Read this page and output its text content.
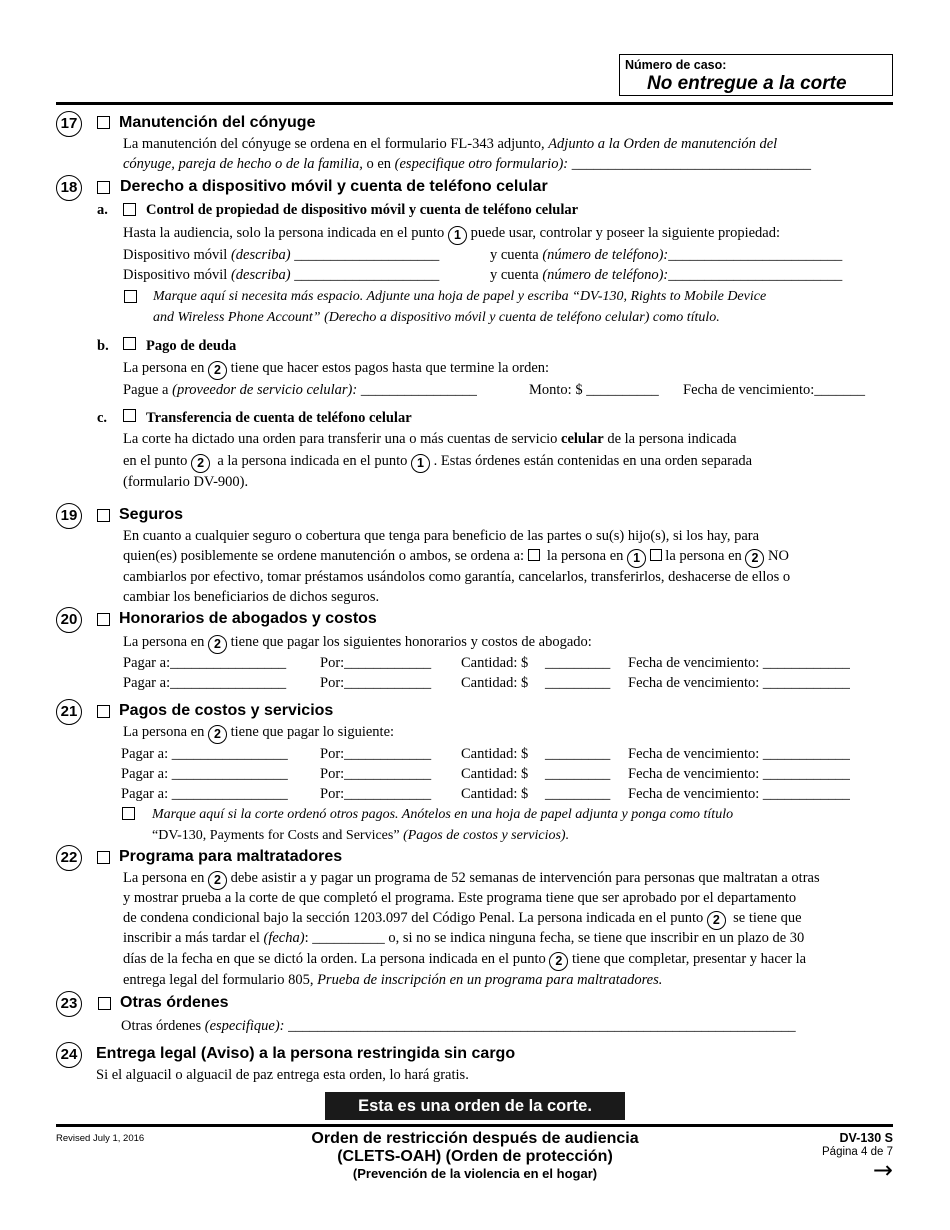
Número de caso:
No entregue a la corte
17	Manutención del cónyuge
La manutención del cónyuge se ordena en el formulario FL-343 adjunto, Adjunto a la Orden de manutención del
cónyuge, pareja de hecho o de la familia, o en (especifique otro formulario): _________________________________
18	Derecho a dispositivo móvil y cuenta de teléfono celular
a.	Control de propiedad de dispositivo móvil y cuenta de teléfono celular
Hasta la audiencia, solo la persona indicada en el punto 1 puede usar, controlar y poseer la siguiente propiedad:
Dispositivo móvil (describa) ____________________	y cuenta (número de teléfono):________________________
Dispositivo móvil (describa) ____________________	y cuenta (número de teléfono):________________________
Marque aquí si necesita más espacio. Adjunte una hoja de papel y escriba “DV-130, Rights to Mobile Device
and Wireless Phone Account” (Derecho a dispositivo móvil y cuenta de teléfono celular) como título.
b.	Pago de deuda
La persona en 2 tiene que hacer estos pagos hasta que termine la orden:
Pague a (proveedor de servicio celular): ________________	Monto: $ __________ Fecha de vencimiento:_______
c.	Transferencia de cuenta de teléfono celular
La corte ha dictado una orden para transferir una o más cuentas de servicio celular de la persona indicada
en el punto 2 a la persona indicada en el punto 1 . Estas órdenes están contenidas en una orden separada
(formulario DV-900).
19	Seguros
En cuanto a cualquier seguro o cobertura que tenga para beneficio de las partes o su(s) hijo(s), si los hay, para
quien(es) posiblemente se ordene manutención o ambos, se ordena a: la persona en 1 la persona en 2 NO
cambiarlos por efectivo, tomar préstamos usándolos como garantía, cancelarlos, transferirlos, deshacerse de ellos o
cambiar los beneficiarios de dichos seguros.
20	Honorarios de abogados y costos
La persona en 2 tiene que pagar los siguientes honorarios y costos de abogado:
Pagar a:________________ Por:____________ Cantidad: $ _________ Fecha de vencimiento: ____________
Pagar a:________________ Por:____________ Cantidad: $ _________ Fecha de vencimiento: ____________
21	Pagos de costos y servicios
La persona en 2 tiene que pagar lo siguiente:
Pagar a: ________________ Por:____________ Cantidad: $ _________ Fecha de vencimiento: ____________
Pagar a: ________________ Por:____________ Cantidad: $ _________ Fecha de vencimiento: ____________
Pagar a: ________________ Por:____________ Cantidad: $ _________ Fecha de vencimiento: ____________
Marque aquí si la corte ordenó otros pagos. Anótelos en una hoja de papel adjunta y ponga como título
“DV-130, Payments for Costs and Services” (Pagos de costos y servicios).
22	Programa para maltratadores
La persona en 2 debe asistir a y pagar un programa de 52 semanas de intervención para personas que maltratan a otras
y mostrar prueba a la corte de que completó el programa. Este programa tiene que ser aprobado por el departamento
de condena condicional bajo la sección 1203.097 del Código Penal. La persona indicada en el punto 2 se tiene que
inscribir a más tardar el (fecha): __________ o, si no se indica ninguna fecha, se tiene que inscribir en un plazo de 30
días de la fecha en que se dictó la orden. La persona indicada en el punto 2 tiene que completar, presentar y hacer la
entrega legal del formulario 805, Prueba de inscripción en un programa para maltratadores.
23	Otras órdenes
Otras órdenes (especifique): ______________________________________________________________________
24 Entrega legal (Aviso) a la persona restringida sin cargo
Si el alguacil o alguacil de paz entrega esta orden, lo hará gratis.
Esta es una orden de la corte.
Revised July 1, 2016	Orden de restricción después de audiencia
(CLETS-OAH) (Orden de protección)
(Prevención de la violencia en el hogar)
DV-130 S
Página 4 de 7
→
